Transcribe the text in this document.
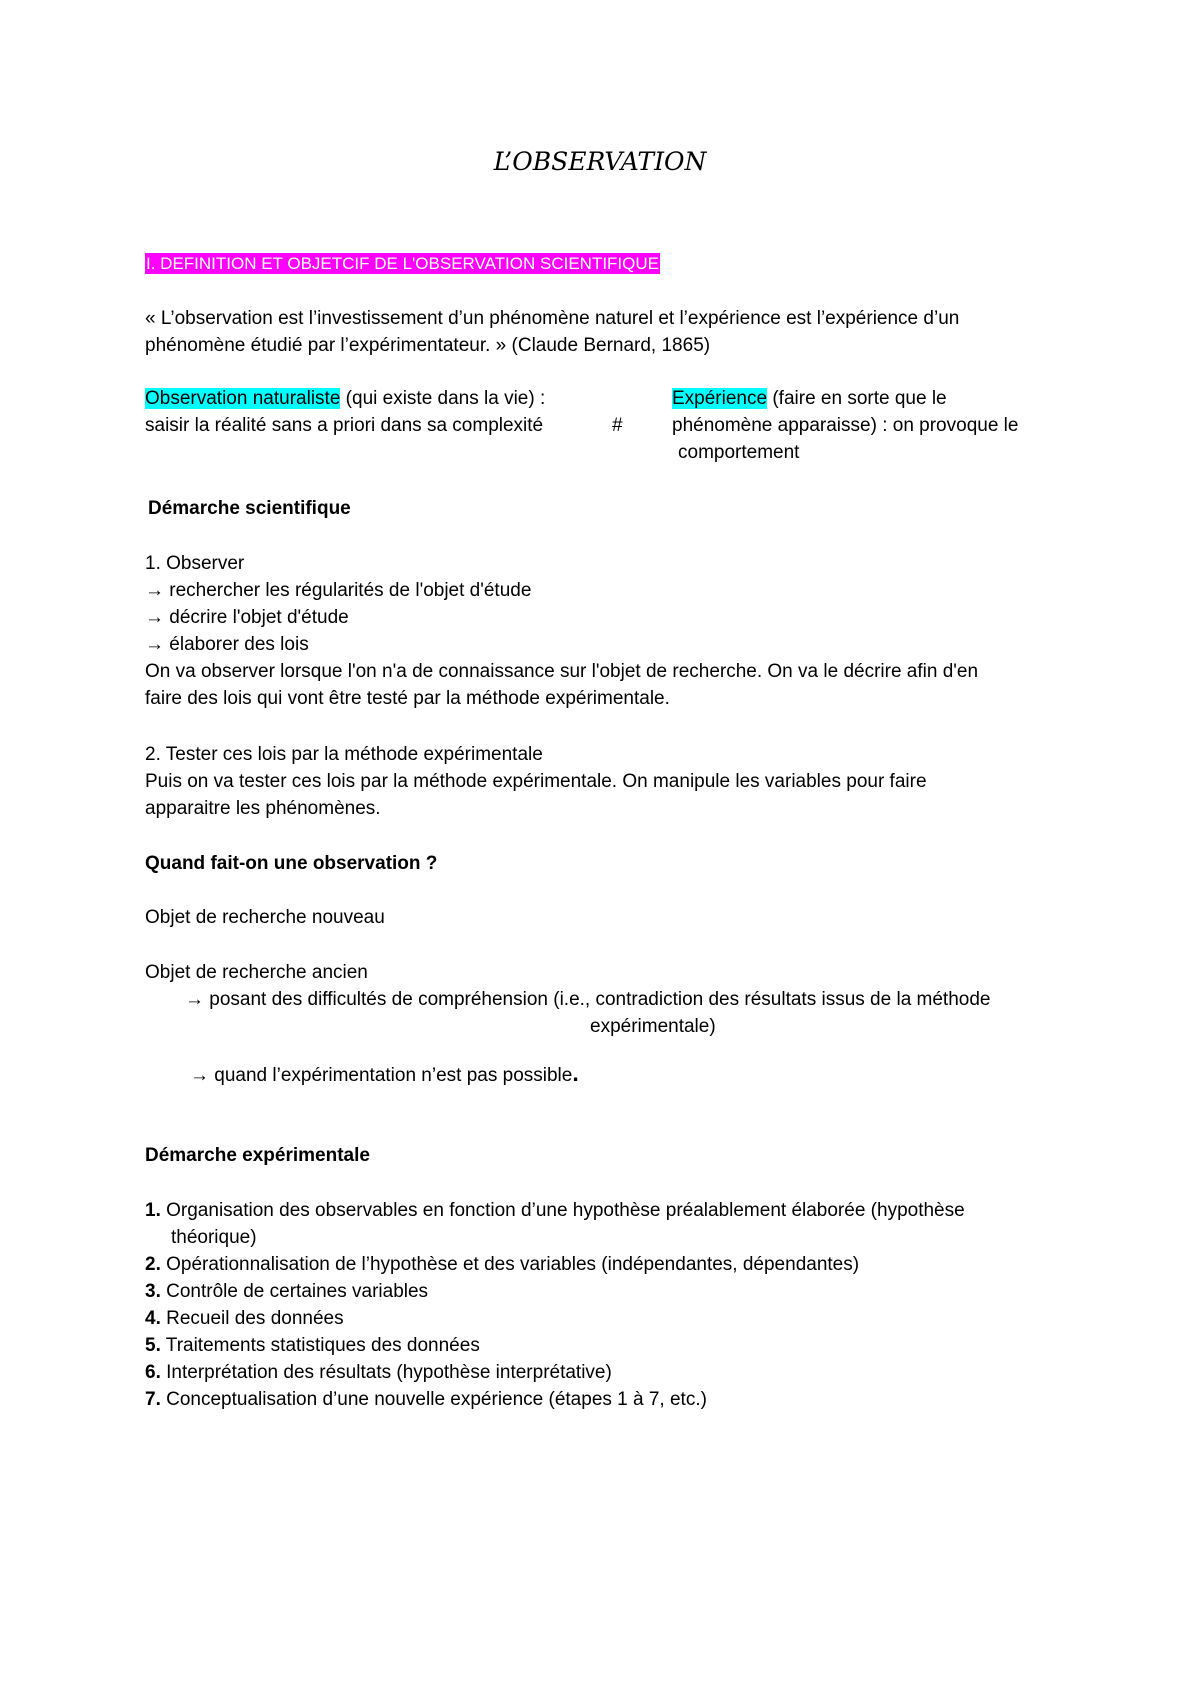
L’OBSERVATION
I. DEFINITION ET OBJETCIF DE L'OBSERVATION SCIENTIFIQUE
« L’observation est l’investissement d’un phénomène naturel et l’expérience est l’expérience d’un
phénomène étudié par l’expérimentateur. » (Claude Bernard, 1865)
Observation naturaliste (qui existe dans la vie) :
saisir la réalité sans a priori dans sa complexité	#
Expérience (faire en sorte que le
phénomène apparaisse) : on provoque le
comportement
Démarche scientifique
1. Observer
→ rechercher les régularités de l'objet d'étude
→ décrire l'objet d'étude
→ élaborer des lois
On va observer lorsque l'on n'a de connaissance sur l'objet de recherche. On va le décrire afin d'en
faire des lois qui vont être testé par la méthode expérimentale.
2. Tester ces lois par la méthode expérimentale
Puis on va tester ces lois par la méthode expérimentale. On manipule les variables pour faire
apparaitre les phénomènes.
Quand fait-on une observation ?
Objet de recherche nouveau
Objet de recherche ancien
→ posant des difficultés de compréhension (i.e., contradiction des résultats issus de la méthode
expérimentale)
→ quand l’expérimentation n’est pas possible.
Démarche expérimentale
1. Organisation des observables en fonction d’une hypothèse préalablement élaborée (hypothèse
théorique)
2. Opérationnalisation de l’hypothèse et des variables (indépendantes, dépendantes)
3. Contrôle de certaines variables
4. Recueil des données
5. Traitements statistiques des données
6. Interprétation des résultats (hypothèse interprétative)
7. Conceptualisation d’une nouvelle expérience (étapes 1 à 7, etc.)
